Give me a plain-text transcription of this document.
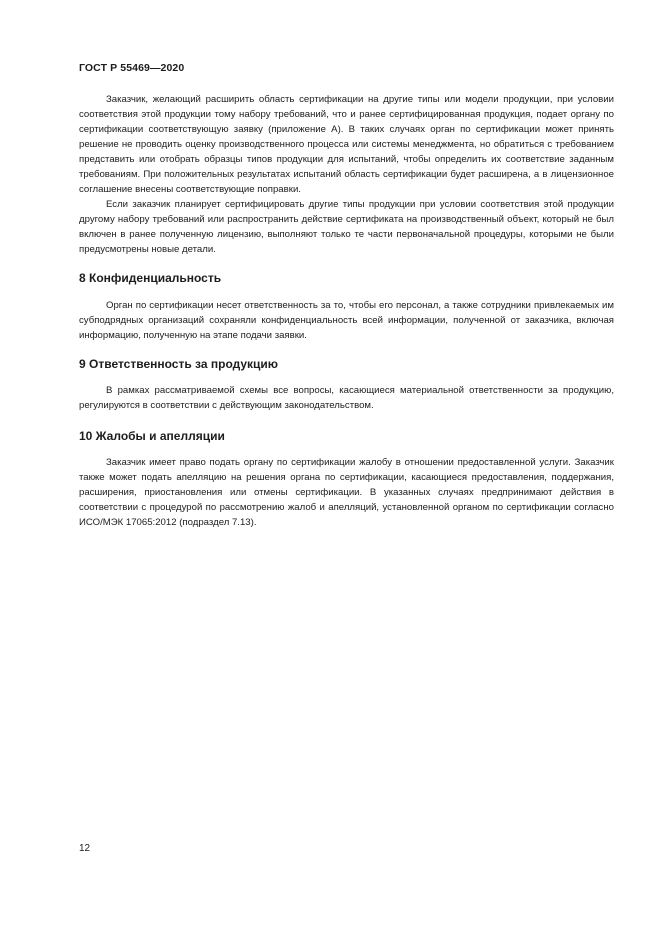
ГОСТ Р 55469—2020

Заказчик, желающий расширить область сертификации на другие типы или модели продукции, при условии соответствия этой продукции тому набору требований, что и ранее сертифицированная продукция, подает органу по сертификации соответствующую заявку (приложение А). В таких случаях орган по сертификации может принять решение не проводить оценку производственного процесса или системы менеджмента, но обратиться с требованием представить или отобрать образцы типов продукции для испытаний, чтобы определить их соответствие заданным требованиям. При положительных результатах испытаний область сертификации будет расширена, а в лицензионное соглашение внесены соответствующие поправки.

Если заказчик планирует сертифицировать другие типы продукции при условии соответствия этой продукции другому набору требований или распространить действие сертификата на производственный объект, который не был включен в ранее полученную лицензию, выполняют только те части первоначальной процедуры, которыми не были предусмотрены новые детали.

8 Конфиденциальность

Орган по сертификации несет ответственность за то, чтобы его персонал, а также сотрудники привлекаемых им субподрядных организаций сохраняли конфиденциальность всей информации, полученной от заказчика, включая информацию, полученную на этапе подачи заявки.

9 Ответственность за продукцию

В рамках рассматриваемой схемы все вопросы, касающиеся материальной ответственности за продукцию, регулируются в соответствии с действующим законодательством.

10 Жалобы и апелляции

Заказчик имеет право подать органу по сертификации жалобу в отношении предоставленной услуги. Заказчик также может подать апелляцию на решения органа по сертификации, касающиеся предоставления, поддержания, расширения, приостановления или отмены сертификации. В указанных случаях предпринимают действия в соответствии с процедурой по рассмотрению жалоб и апелляций, установленной органом по сертификации согласно ИСО/МЭК 17065:2012 (подраздел 7.13).

12
